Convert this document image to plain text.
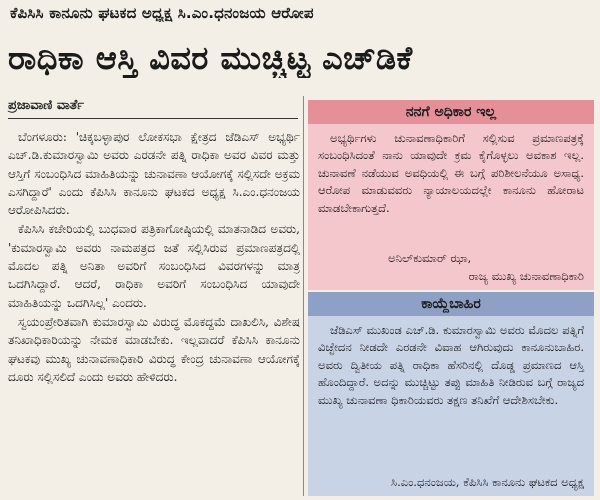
ಕೆಪಿಸಿಸಿ ಕಾನೂನು ಘಟಕದ ಅಧ್ಯಕ್ಷ ಸಿ.ಎಂ.ಧನಂಜಯ ಆರೋಪ
ರಾಧಿಕಾ ಆಸ್ತಿ ವಿವರ ಮುಚ್ಚಿಟ್ಟ ಎಚ್‌ಡಿಕೆ
ಪ್ರಜಾವಾಣಿ ವಾರ್ತೆ

ಬೆಂಗಳೂರು: 'ಚಿಕ್ಕಬಳ್ಳಾಪುರ ಲೋಕಸಭಾ ಕ್ಷೇತ್ರದ ಜೆಡಿಎಸ್ ಅಭ್ಯರ್ಥಿ ಎಚ್.ಡಿ.ಕುಮಾರಸ್ವಾಮಿ ಅವರು ಎರಡನೇ ಪತ್ನಿ ರಾಧಿಕಾ ಅವರ ವಿವರ ಮತ್ತು ಆಸ್ತಿಗೆ ಸಂಬಂಧಿಸಿದ ಮಾಹಿತಿಯನ್ನು ಚುನಾವಣಾ ಆಯೋಗಕ್ಕೆ ಸಲ್ಲಿಸದೇ ಅಕ್ರಮ ಎಸಗಿದ್ದಾರೆ' ಎಂದು ಕೆಪಿಸಿಸಿ ಕಾನೂನು ಘಟಕದ ಅಧ್ಯಕ್ಷ ಸಿ.ಎಂ.ಧನಂಜಯ ಆರೋಪಿಸಿದರು.

ಕೆಪಿಸಿಸಿ ಕಚೇರಿಯಲ್ಲಿ ಬುಧವಾರ ಪತ್ರಿಕಾಗೋಷ್ಠಿಯಲ್ಲಿ ಮಾತನಾಡಿದ ಅವರು, 'ಕುಮಾರಸ್ವಾಮಿ ಅವರು ನಾಮಪತ್ರದ ಜತೆ ಸಲ್ಲಿಸಿರುವ ಪ್ರಮಾಣಪತ್ರದಲ್ಲಿ ಮೊದಲ ಪತ್ನಿ ಅನಿತಾ ಅವರಿಗೆ ಸಂಬಂಧಿಸಿದ ವಿವರಗಳನ್ನು ಮಾತ್ರ ಒದಗಿಸಿದ್ದಾರೆ. ಆದರೆ, ರಾಧಿಕಾ ಅವರಿಗೆ ಸಂಬಂಧಿಸಿದ ಯಾವುದೇ ಮಾಹಿತಿಯನ್ನು ಒದಗಿಸಿಲ್ಲ' ಎಂದರು.

ಸ್ವಯಂಪ್ರೇರಿತವಾಗಿ ಕುಮಾರಸ್ವಾಮಿ ವಿರುದ್ಧ ಮೊಕದ್ದಮೆ ದಾಖಲಿಸಿ, ವಿಶೇಷ ತನಿಖಾಧಿಕಾರಿಯನ್ನು ನೇಮಕ ಮಾಡಬೇಕು. ಇಲ್ಲವಾದರೆ ಕೆಪಿಸಿಸಿ ಕಾನೂನು ಘಟಕವು ಮುಖ್ಯ ಚುನಾವಣಾಧಿಕಾರಿ ವಿರುದ್ಧ ಕೇಂದ್ರ ಚುನಾವಣಾ ಆಯೋಗಕ್ಕೆ ದೂರು ಸಲ್ಲಿಸಲಿದೆ ಎಂದು ಅವರು ಹೇಳಿದರು.

ನನಗೆ ಅಧಿಕಾರ ಇಲ್ಲ

ಅಭ್ಯರ್ಥಿಗಳು ಚುನಾವಣಾಧಿಕಾರಿಗೆ ಸಲ್ಲಿಸುವ ಪ್ರಮಾಣಪತ್ರಕ್ಕೆ ಸಂಬಂಧಿಸಿದಂತೆ ನಾನು ಯಾವುದೇ ಕ್ರಮ ಕೈಗೊಳ್ಳಲು ಅವಕಾಶ ಇಲ್ಲ. ಚುನಾವಣೆ ನಡೆಯುವ ಅವಧಿಯಲ್ಲಿ ಈ ಬಗ್ಗೆ ಪರಿಶೀಲನೆಯೂ ಅಸಾಧ್ಯ. ಆರೋಪ ಮಾಡುವವರು ನ್ಯಾಯಾಲಯದಲ್ಲೇ ಕಾನೂನು ಹೋರಾಟ ಮಾಡಬೇಕಾಗುತ್ತದೆ.

ಅನಿಲ್‌ಕುಮಾರ್ ಝಾ,
ರಾಜ್ಯ ಮುಖ್ಯ ಚುನಾವಣಾಧಿಕಾರಿ
ಕಾಯ್ದೆಬಾಹಿರ

ಜೆಡಿಎಸ್ ಮುಖಂಡ ಎಚ್.ಡಿ. ಕುಮಾರಸ್ವಾಮಿ ಅವರು ಮೊದಲ ಪತ್ನಿಗೆ ವಿಚ್ಛೇದನ ನೀಡದೇ ಎರಡನೇ ವಿವಾಹ ಆಗಿರುವುದು ಕಾನೂನುಬಾಹಿರ. ಅವರು ದ್ವಿತೀಯ ಪತ್ನಿ ರಾಧಿಕಾ ಹೆಸರಿನಲ್ಲಿ ದೊಡ್ಡ ಪ್ರಮಾಣದ ಆಸ್ತಿ ಹೊಂದಿದ್ದಾರೆ. ಅದನ್ನು ಮುಚ್ಚಿಟ್ಟು ತಪ್ಪು ಮಾಹಿತಿ ನೀಡಿರುವ ಬಗ್ಗೆ ರಾಜ್ಯದ ಮುಖ್ಯ ಚುನಾವಣಾ ಧಿಕಾರಿಯವರು ತಕ್ಷಣ ತನಿಖೆಗೆ ಆದೇಶಿಸಬೇಕು.

ಸಿ.ಎಂ.ಧನಂಜಯ, ಕೆಪಿಸಿಸಿ ಕಾನೂನು ಘಟಕದ ಅಧ್ಯಕ್ಷ
